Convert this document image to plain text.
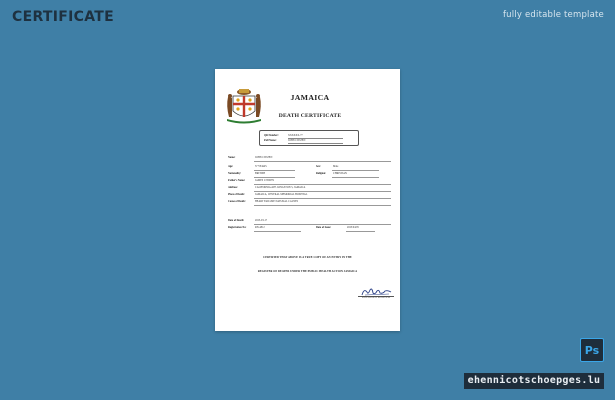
CERTIFICATE	fully editable template
JAMAICA
DEATH CERTIFICATE
QR Number:	XXXXXX-77
Full Name:	JOHN CITIZEN
Name:	JOHN CITIZEN
Age:	37 YEARS	Sex:	Male
Nationality:	BRITISH	Religion:	CHRISTIAN
Father's Name:	JAMES CITIZEN
Address:	CALIFORNIA AVE. KINGSTON 5, JAMAICA
Place of Death:	JAMAICA, CENTRAL MEMORIAL HOSPITAL
Cause of Death:	HEART FAILURE NATURAL CAUSES
Date of Death:	2023-03-17
Registration No:	RN-4812	Date of Issue:	2023/04/05
CERTIFIED THAT ABOVE IS A TRUE COPY OF AN ENTRY IN THE
REGISTER OF DEATHS UNDER THE PUBLIC HEALTH ACTION JAMAICA
SIGNATURE OF REGISTRAR
Ps
ehennicotschoepges.lu
